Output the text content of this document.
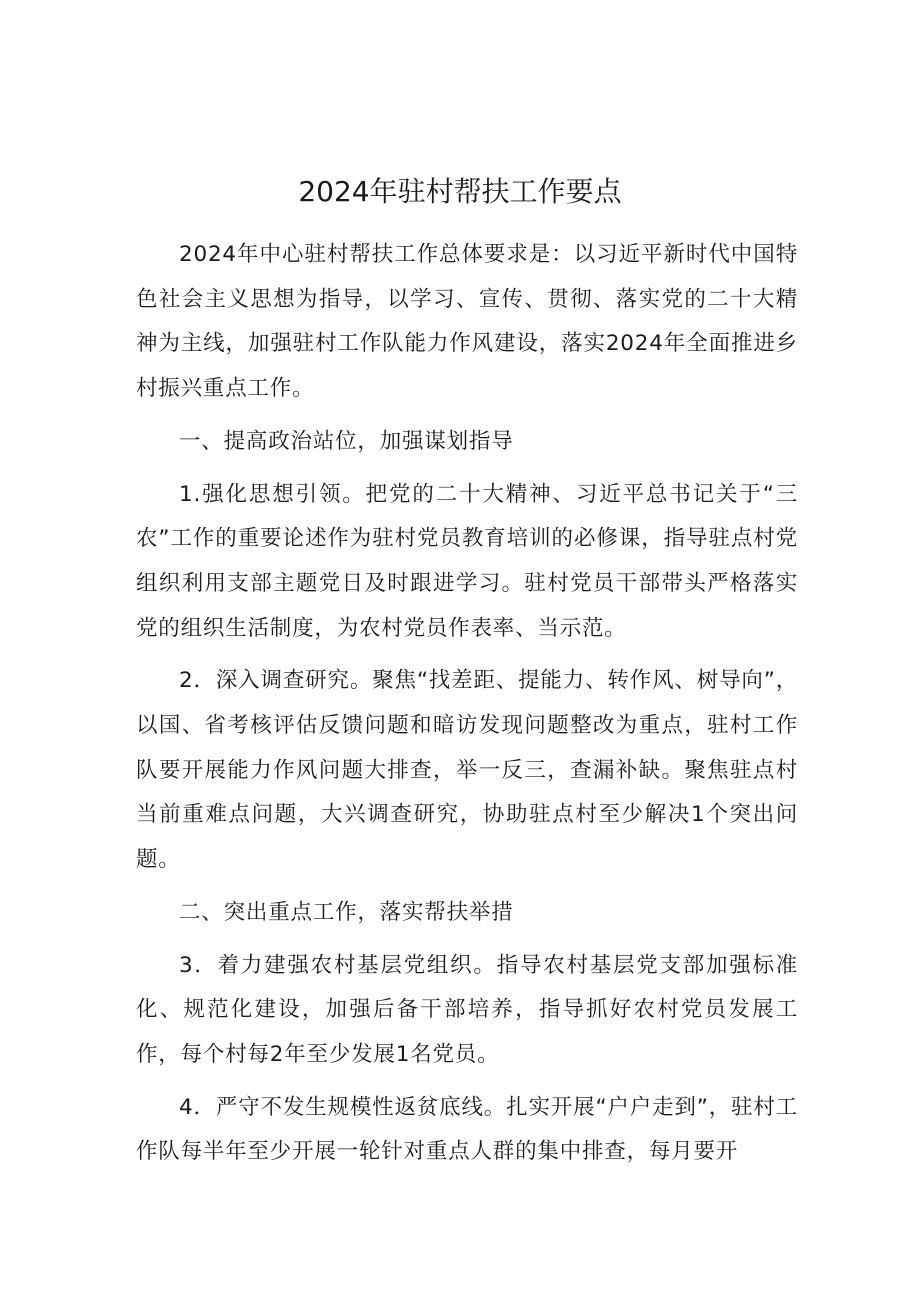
2024年驻村帮扶工作要点

2024年中心驻村帮扶工作总体要求是：以习近平新时代中国特色社会主义思想为指导，以学习、宣传、贯彻、落实党的二十大精神为主线，加强驻村工作队能力作风建设，落实2024年全面推进乡村振兴重点工作。

一、提高政治站位，加强谋划指导

1.强化思想引领。把党的二十大精神、习近平总书记关于“三农”工作的重要论述作为驻村党员教育培训的必修课，指导驻点村党组织利用支部主题党日及时跟进学习。驻村党员干部带头严格落实党的组织生活制度，为农村党员作表率、当示范。

2．深入调查研究。聚焦“找差距、提能力、转作风、树导向”，以国、省考核评估反馈问题和暗访发现问题整改为重点，驻村工作队要开展能力作风问题大排查，举一反三，查漏补缺。聚焦驻点村当前重难点问题，大兴调查研究，协助驻点村至少解决1个突出问题。

二、突出重点工作，落实帮扶举措

3．着力建强农村基层党组织。指导农村基层党支部加强标准化、规范化建设，加强后备干部培养，指导抓好农村党员发展工作，每个村每2年至少发展1名党员。

4．严守不发生规模性返贫底线。扎实开展“户户走到”，驻村工作队每半年至少开展一轮针对重点人群的集中排查，每月要开
